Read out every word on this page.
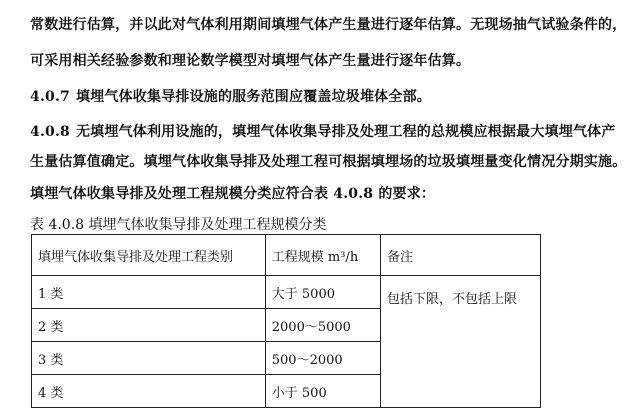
常数进行估算，并以此对气体利用期间填埋气体产生量进行逐年估算。无现场抽气试验条件的，
可采用相关经验参数和理论数学模型对填埋气体产生量进行逐年估算。
4.0.7 填埋气体收集导排设施的服务范围应覆盖垃圾堆体全部。
4.0.8 无填埋气体利用设施的，填埋气体收集导排及处理工程的总规模应根据最大填埋气体产
生量估算值确定。填埋气体收集导排及处理工程可根据填埋场的垃圾填埋量变化情况分期实施。
填埋气体收集导排及处理工程规模分类应符合表 4.0.8 的要求：
表 4.0.8 填埋气体收集导排及处理工程规模分类
填埋气体收集导排及处理工程类别	工程规模 m³/h	备注
1 类	大于 5000	包括下限，不包括上限
2 类	2000～5000	
3 类	500～2000	
4 类	小于 500	
